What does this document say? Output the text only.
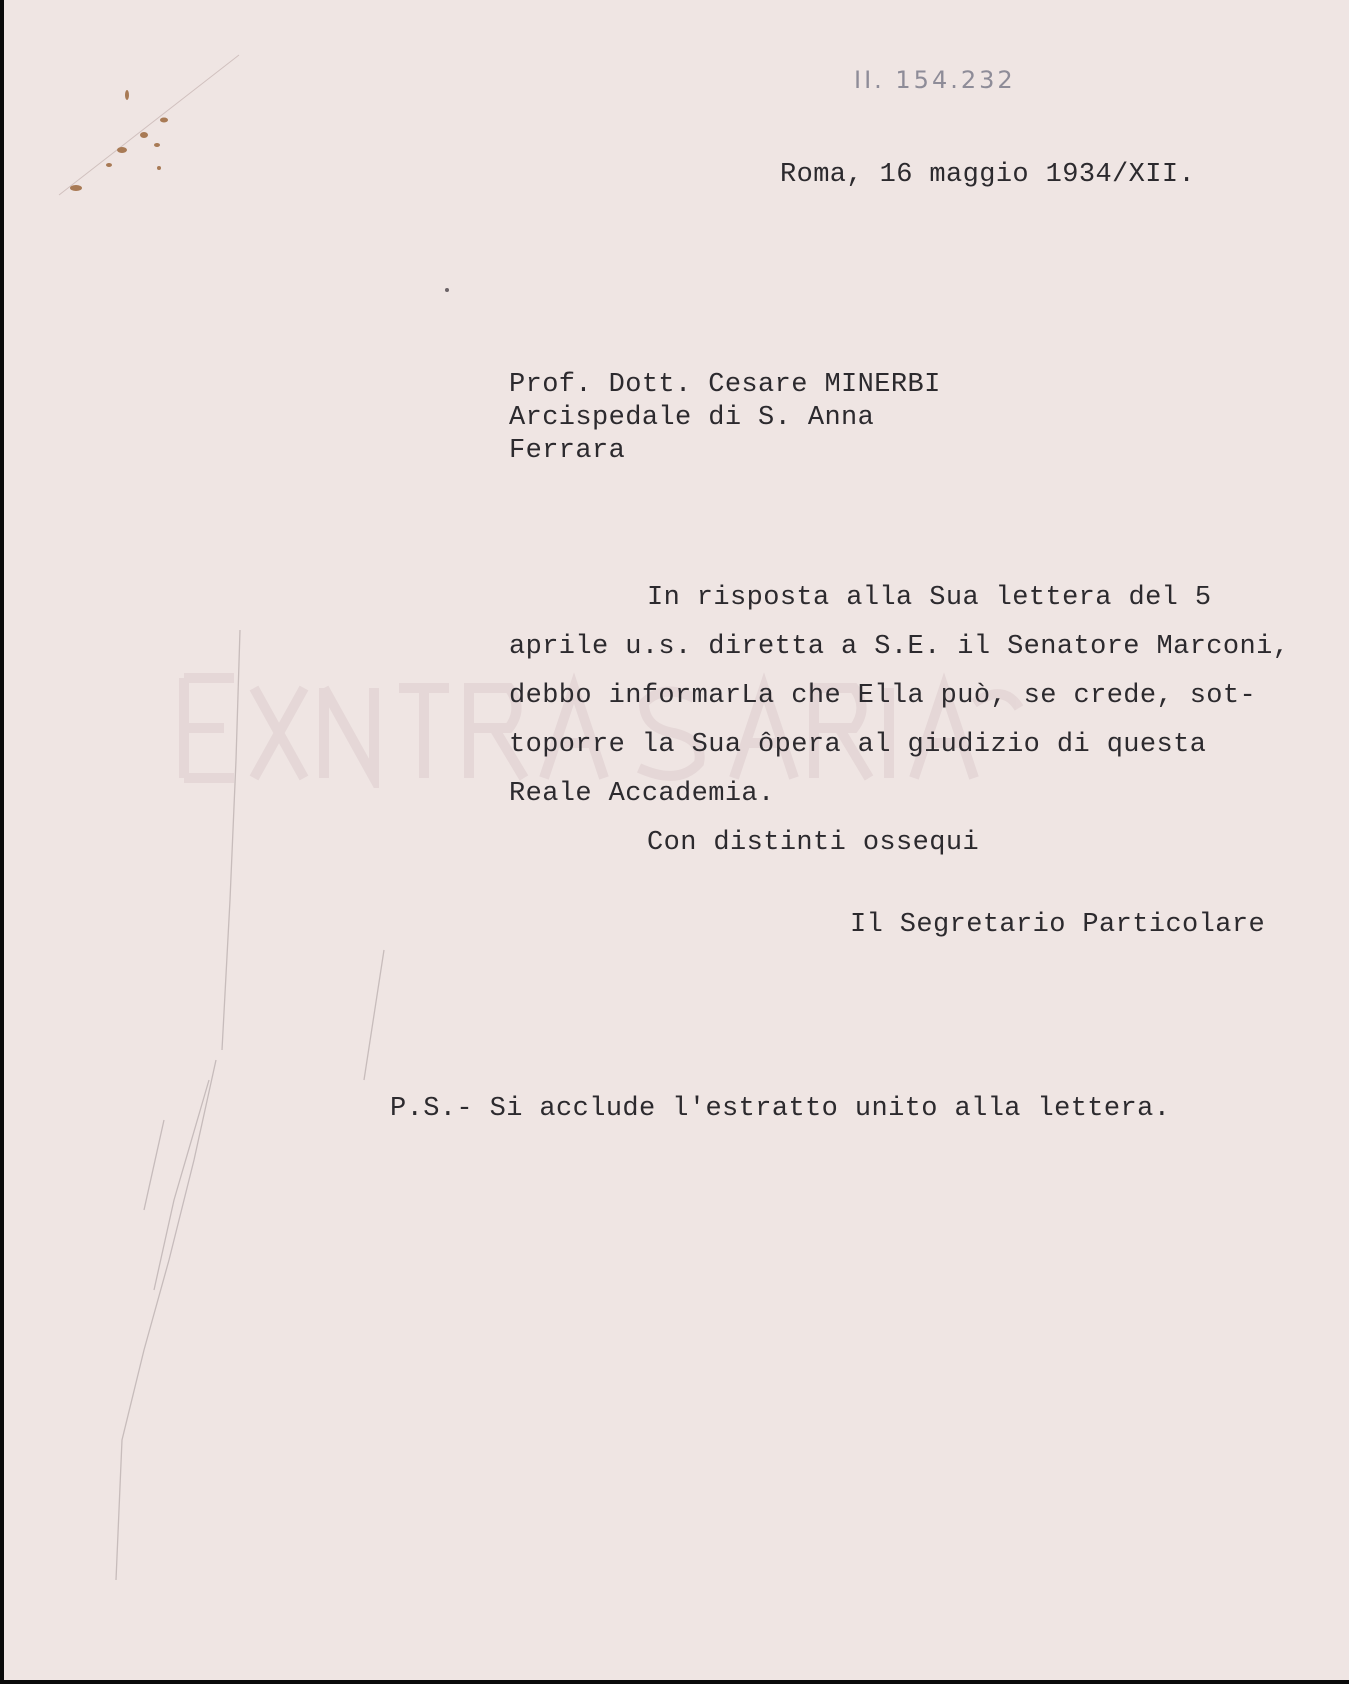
II. 154.232
Roma, 16 maggio 1934/XII.
Prof. Dott. Cesare MINERBI
Arcispedale di S. Anna
Ferrara
In risposta alla Sua lettera del 5
aprile u.s. diretta a S.E. il Senatore Marconi,
debbo informarLa che Ella può, se crede, sot-
toporre la Sua ôpera al giudizio di questa
Reale Accademia.
Con distinti ossequi
Il Segretario Particolare
P.S.- Si acclude l'estratto unito alla lettera.
